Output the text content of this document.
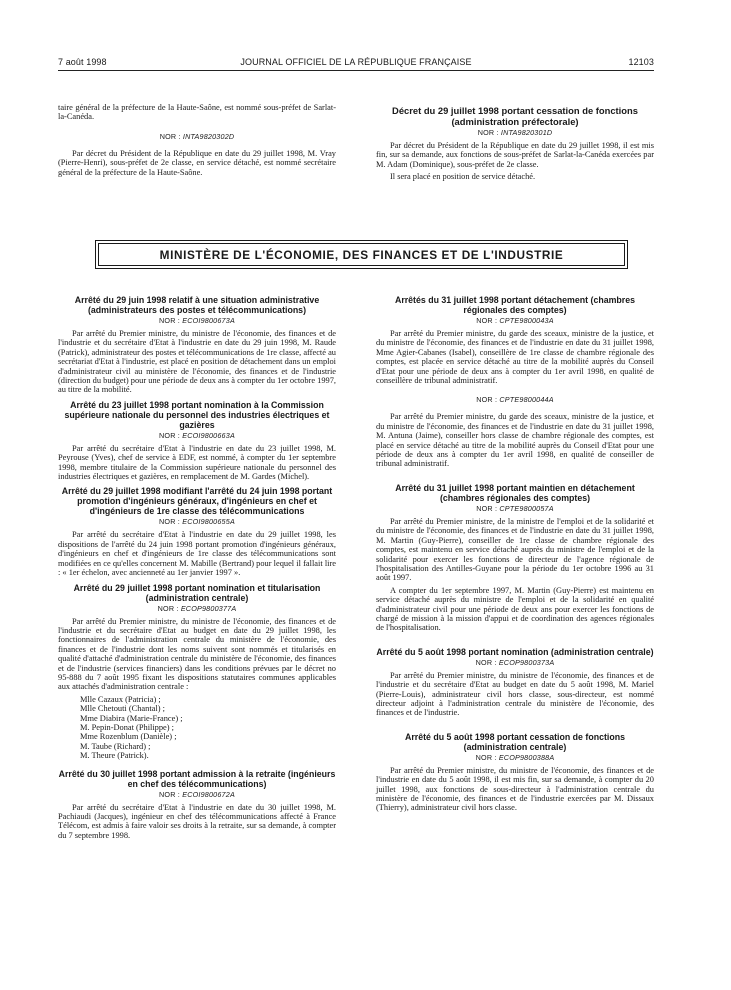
7 août 1998	JOURNAL OFFICIEL DE LA RÉPUBLIQUE FRANÇAISE	12103

taire général de la préfecture de la Haute-Saône, est nommé sous-préfet de Sarlat-la-Canéda.

NOR : INTA9820302D

Par décret du Président de la République en date du 29 juillet 1998, M. Vray (Pierre-Henri), sous-préfet de 2e classe, en service détaché, est nommé secrétaire général de la préfecture de la Haute-Saône.

Décret du 29 juillet 1998 portant cessation de fonctions (administration préfectorale)

NOR : INTA9820301D

Par décret du Président de la République en date du 29 juillet 1998, il est mis fin, sur sa demande, aux fonctions de sous-préfet de Sarlat-la-Canéda exercées par M. Adam (Dominique), sous-préfet de 2e classe.

Il sera placé en position de service détaché.

MINISTÈRE DE L'ÉCONOMIE, DES FINANCES ET DE L'INDUSTRIE

Arrêté du 29 juin 1998 relatif à une situation administrative (administrateurs des postes et télécommunications)

NOR : ECOI9800673A

Par arrêté du Premier ministre, du ministre de l'économie, des finances et de l'industrie et du secrétaire d'Etat à l'industrie en date du 29 juin 1998, M. Raude (Patrick), administrateur des postes et télécommunications de 1re classe, affecté au secrétariat d'Etat à l'industrie, est placé en position de détachement dans un emploi d'administrateur civil au ministère de l'économie, des finances et de l'industrie (direction du budget) pour une période de deux ans à compter du 1er octobre 1997, au titre de la mobilité.

Arrêté du 23 juillet 1998 portant nomination à la Commission supérieure nationale du personnel des industries électriques et gazières

NOR : ECOI9800663A

Par arrêté du secrétaire d'Etat à l'industrie en date du 23 juillet 1998, M. Peyrouse (Yves), chef de service à EDF, est nommé, à compter du 1er septembre 1998, membre titulaire de la Commission supérieure nationale du personnel des industries électriques et gazières, en remplacement de M. Gardes (Michel).

Arrêté du 29 juillet 1998 modifiant l'arrêté du 24 juin 1998 portant promotion d'ingénieurs généraux, d'ingénieurs en chef et d'ingénieurs de 1re classe des télécommunications

NOR : ECOI9800655A

Par arrêté du secrétaire d'Etat à l'industrie en date du 29 juillet 1998, les dispositions de l'arrêté du 24 juin 1998 portant promotion d'ingénieurs généraux, d'ingénieurs en chef et d'ingénieurs de 1re classe des télécommunications sont modifiées en ce qu'elles concernent M. Mabille (Bertrand) pour lequel il fallait lire : « 1er échelon, avec ancienneté au 1er janvier 1997 ».

Arrêté du 29 juillet 1998 portant nomination et titularisation (administration centrale)

NOR : ECOP9800377A

Par arrêté du Premier ministre, du ministre de l'économie, des finances et de l'industrie et du secrétaire d'Etat au budget en date du 29 juillet 1998, les fonctionnaires de l'administration centrale du ministère de l'économie, des finances et de l'industrie dont les noms suivent sont nommés et titularisés en qualité d'attaché d'administration centrale du ministère de l'économie, des finances et de l'industrie (services financiers) dans les conditions prévues par le décret no 95-888 du 7 août 1995 fixant les dispositions statutaires communes applicables aux attachés d'administration centrale :

Mlle Cazaux (Patricia) ;

Mlle Chetouti (Chantal) ;

Mme Diabira (Marie-France) ;

M. Pepin-Donat (Philippe) ;

Mme Rozenblum (Danièle) ;

M. Taube (Richard) ;

M. Theure (Patrick).

Arrêté du 30 juillet 1998 portant admission à la retraite (ingénieurs en chef des télécommunications)

NOR : ECOI9800672A

Par arrêté du secrétaire d'Etat à l'industrie en date du 30 juillet 1998, M. Pachiaudi (Jacques), ingénieur en chef des télécommunications affecté à France Télécom, est admis à faire valoir ses droits à la retraite, sur sa demande, à compter du 7 septembre 1998.

Arrêtés du 31 juillet 1998 portant détachement (chambres régionales des comptes)

NOR : CPTE9800043A

Par arrêté du Premier ministre, du garde des sceaux, ministre de la justice, et du ministre de l'économie, des finances et de l'industrie en date du 31 juillet 1998, Mme Agier-Cabanes (Isabel), conseillère de 1re classe de chambre régionale des comptes, est placée en service détaché au titre de la mobilité auprès du Conseil d'Etat pour une période de deux ans à compter du 1er avril 1998, en qualité de conseillère de tribunal administratif.

NOR : CPTE9800044A

Par arrêté du Premier ministre, du garde des sceaux, ministre de la justice, et du ministre de l'économie, des finances et de l'industrie en date du 31 juillet 1998, M. Antuna (Jaime), conseiller hors classe de chambre régionale des comptes, est placé en service détaché au titre de la mobilité auprès du Conseil d'Etat pour une période de deux ans à compter du 1er avril 1998, en qualité de conseiller de tribunal administratif.

Arrêté du 31 juillet 1998 portant maintien en détachement (chambres régionales des comptes)

NOR : CPTE9800057A

Par arrêté du Premier ministre, de la ministre de l'emploi et de la solidarité et du ministre de l'économie, des finances et de l'industrie en date du 31 juillet 1998, M. Martin (Guy-Pierre), conseiller de 1re classe de chambre régionale des comptes, est maintenu en service détaché auprès du ministre de l'emploi et de la solidarité pour exercer les fonctions de directeur de l'agence régionale de l'hospitalisation des Antilles-Guyane pour la période du 1er octobre 1996 au 31 août 1997.

A compter du 1er septembre 1997, M. Martin (Guy-Pierre) est maintenu en service détaché auprès du ministre de l'emploi et de la solidarité en qualité d'administrateur civil pour une période de deux ans pour exercer les fonctions de chargé de mission à la mission d'appui et de coordination des agences régionales de l'hospitalisation.

Arrêté du 5 août 1998 portant nomination (administration centrale)

NOR : ECOP9800373A

Par arrêté du Premier ministre, du ministre de l'économie, des finances et de l'industrie et du secrétaire d'Etat au budget en date du 5 août 1998, M. Mariel (Pierre-Louis), administrateur civil hors classe, sous-directeur, est nommé directeur adjoint à l'administration centrale du ministère de l'économie, des finances et de l'industrie.

Arrêté du 5 août 1998 portant cessation de fonctions (administration centrale)

NOR : ECOP9800388A

Par arrêté du Premier ministre, du ministre de l'économie, des finances et de l'industrie en date du 5 août 1998, il est mis fin, sur sa demande, à compter du 20 juillet 1998, aux fonctions de sous-directeur à l'administration centrale du ministère de l'économie, des finances et de l'industrie exercées par M. Dissaux (Thierry), administrateur civil hors classe.
